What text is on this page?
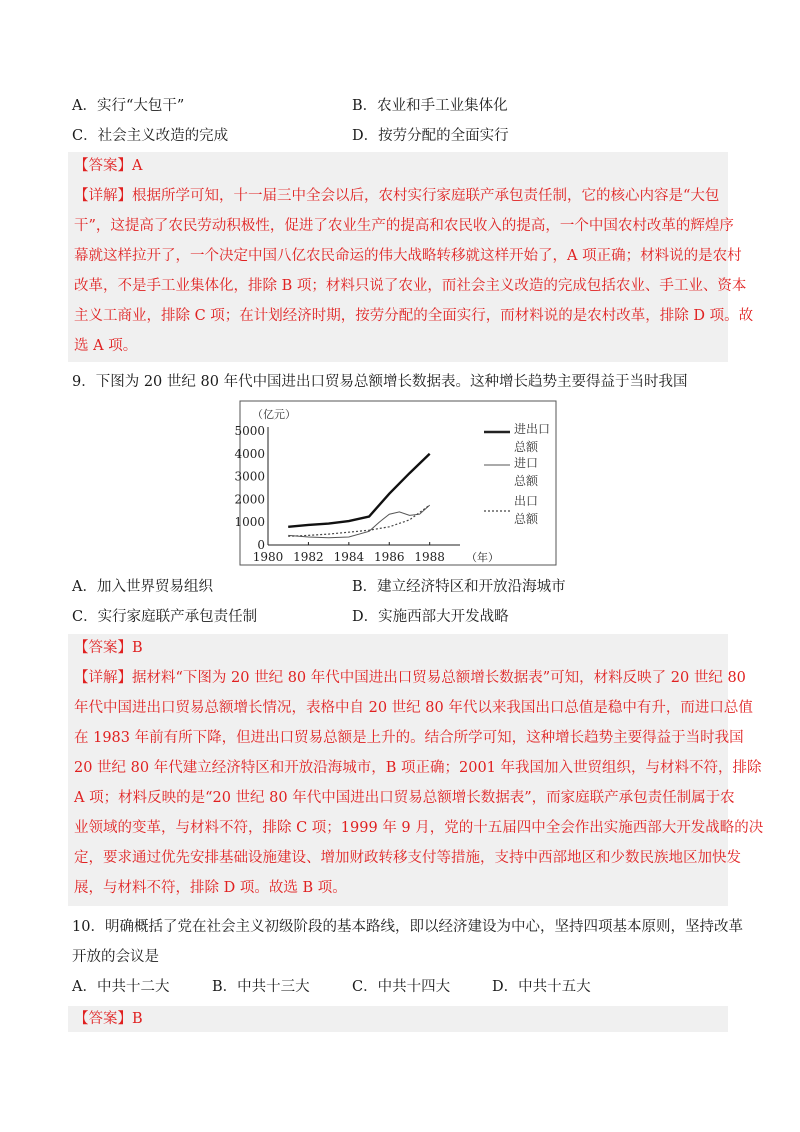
A．实行“大包干”	B．农业和手工业集体化
C．社会主义改造的完成	D．按劳分配的全面实行
【答案】A
【详解】根据所学可知，十一届三中全会以后，农村实行家庭联产承包责任制，它的核心内容是“大包
干”，这提高了农民劳动积极性，促进了农业生产的提高和农民收入的提高，一个中国农村改革的辉煌序
幕就这样拉开了，一个决定中国八亿农民命运的伟大战略转移就这样开始了，A 项正确；材料说的是农村
改革，不是手工业集体化，排除 B 项；材料只说了农业，而社会主义改造的完成包括农业、手工业、资本
主义工商业，排除 C 项；在计划经济时期，按劳分配的全面实行，而材料说的是农村改革，排除 D 项。故
选 A 项。
9．下图为 20 世纪 80 年代中国进出口贸易总额增长数据表。这种增长趋势主要得益于当时我国
（亿元）
5000
4000
3000
2000
1000
0
1980 1982 1984 1986 1988 （年）
进出口
总额
进口
总额
出口
总额
A．加入世界贸易组织	B．建立经济特区和开放沿海城市
C．实行家庭联产承包责任制	D．实施西部大开发战略
【答案】B
【详解】据材料“下图为 20 世纪 80 年代中国进出口贸易总额增长数据表”可知，材料反映了 20 世纪 80
年代中国进出口贸易总额增长情况，表格中自 20 世纪 80 年代以来我国出口总值是稳中有升，而进口总值
在 1983 年前有所下降，但进出口贸易总额是上升的。结合所学可知，这种增长趋势主要得益于当时我国
20 世纪 80 年代建立经济特区和开放沿海城市，B 项正确；2001 年我国加入世贸组织，与材料不符，排除
A 项；材料反映的是“20 世纪 80 年代中国进出口贸易总额增长数据表”，而家庭联产承包责任制属于农
业领域的变革，与材料不符，排除 C 项；1999 年 9 月，党的十五届四中全会作出实施西部大开发战略的决
定，要求通过优先安排基础设施建设、增加财政转移支付等措施，支持中西部地区和少数民族地区加快发
展，与材料不符，排除 D 项。故选 B 项。
10．明确概括了党在社会主义初级阶段的基本路线，即以经济建设为中心，坚持四项基本原则，坚持改革
开放的会议是
A．中共十二大	B．中共十三大	C．中共十四大	D．中共十五大
【答案】B
